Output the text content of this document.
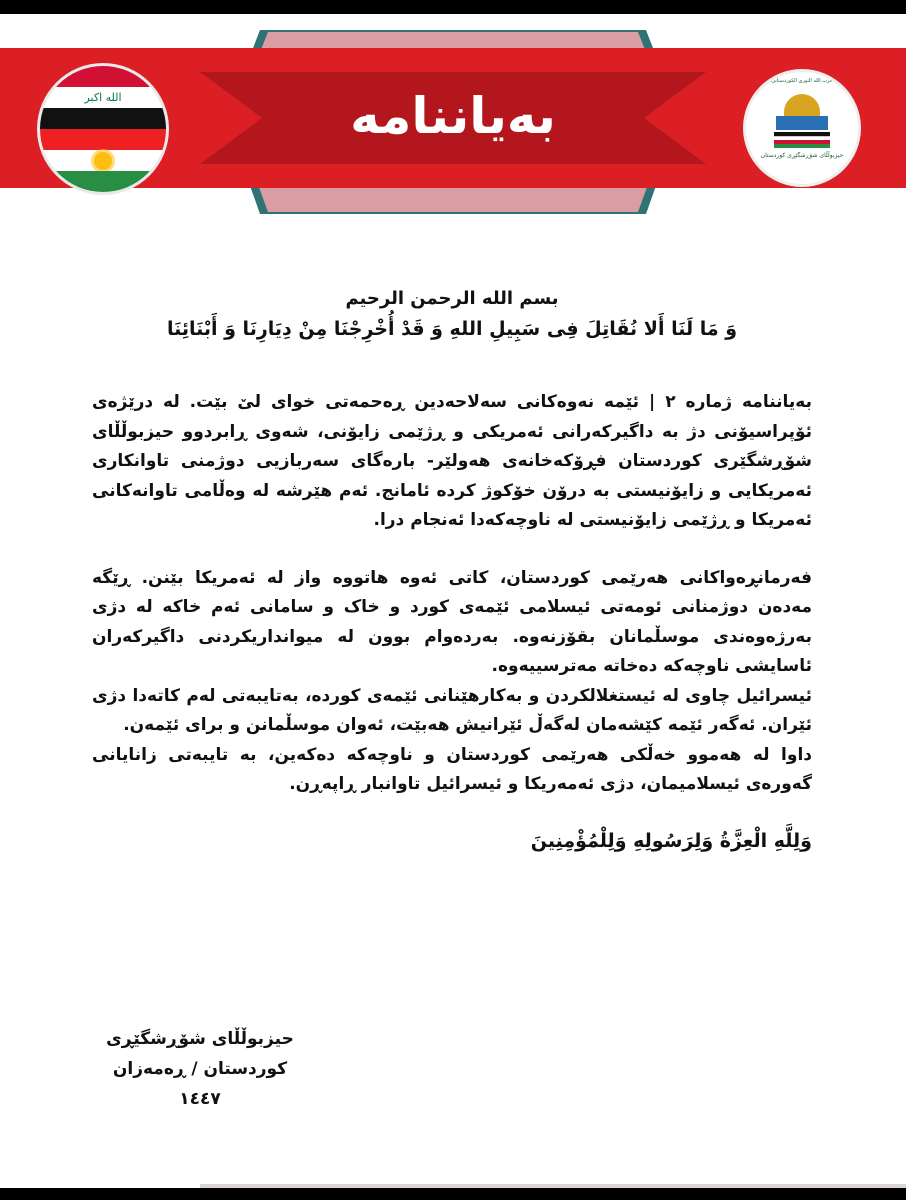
بەیاننامە
الله اكبر
حزب الله الثوري الكوردستاني
حیزبوڵڵای شۆڕشگێڕی کوردستان

بسم الله الرحمن الرحيم

وَ مَا لَنَا أَلا نُقَاتِلَ فِى سَبِيلِ اللهِ وَ قَدْ أُخْرِجْنَا مِنْ دِيَارِنَا وَ أَبْنَائِنَا

بەیاننامە ژمارە ٢ | ئێمە نەوەکانی سەلاحەدین ڕەحمەتی خوای لێ بێت. لە درێژەی ئۆپراسیۆنی دژ بە داگیرکەرانی ئەمریکی و ڕژێمی زایۆنی، شەوی ڕابردوو حیزبوڵڵای شۆڕشگێری کوردستان فڕۆکەخانەی هەولێر- بارەگای سەربازیی دوژمنی تاوانکاری ئەمریکایی و زایۆنیستی بە درۆن خۆکوژ کردە ئامانج. ئەم هێرشە لە وەڵامی تاوانەکانی ئەمریکا و ڕژێمی زایۆنیستی لە ناوچەکەدا ئەنجام درا.

فەرمانڕەواکانی هەرێمی کوردستان، کاتی ئەوە هاتووە واز لە ئەمریکا بێنن. ڕێگە مەدەن دوژمنانی ئومەتی ئیسلامی ئێمەی کورد و خاک و سامانی ئەم خاکە لە دژی بەرژەوەندی موسڵمانان بقۆزنەوە. بەردەوام بوون لە میوانداریکردنی داگیرکەران ئاسایشی ناوچەکە دەخاتە مەترسییەوە.

ئیسرائیل چاوی لە ئیستغلالکردن و بەکارهێنانی ئێمەی کوردە، بەتایبەتی لەم کاتەدا دژی ئێران. ئەگەر ئێمە کێشەمان لەگەڵ ئێرانیش هەبێت، ئەوان موسڵمانن و برای ئێمەن.

داوا لە هەموو خەڵکی هەرێمی کوردستان و ناوچەکە دەکەین، بە تایبەتی زانایانی گەورەی ئیسلامیمان، دژی ئەمەریکا و ئیسرائیل تاوانبار ڕاپەڕن.

وَلِلَّهِ الْعِزَّةُ وَلِرَسُولِهِ وَلِلْمُؤْمِنِينَ

حیزبوڵڵای شۆڕشگێڕی
کوردستان / ڕەمەزان
١٤٤٧
